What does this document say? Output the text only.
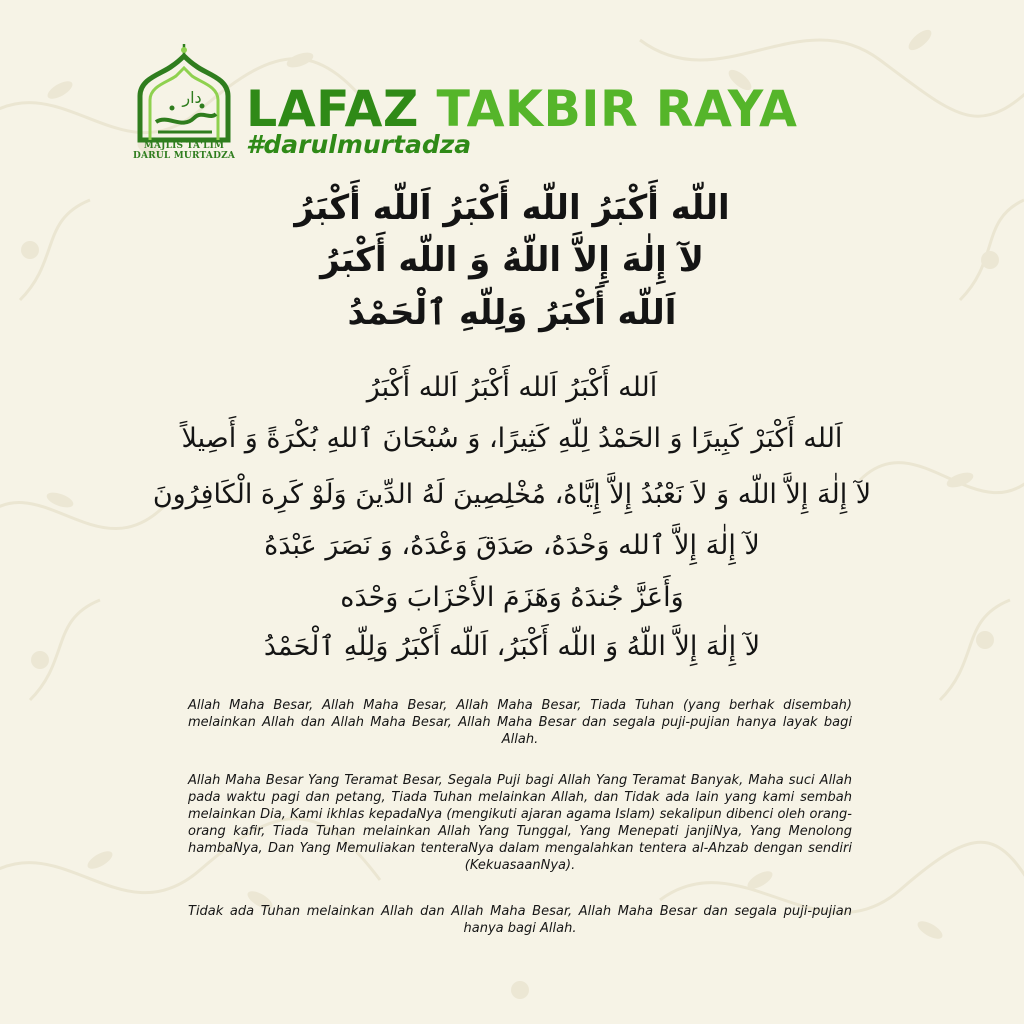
دار
MAJLIS TA'LIM
DARUL MURTADZA
LAFAZ TAKBIR RAYA
#darulmurtadza
اللّه أَكْبَرُ اللّه أَكْبَرُ اَللّه أَكْبَرُ
لآ إِلٰهَ إِلاَّ اللّهُ وَ اللّه أَكْبَرُ
اَللّه أَكْبَرُ وَلِلّهِ ٱلْحَمْدُ
اَلله أَكْبَرُ اَلله أَكْبَرُ اَلله أَكْبَرُ
اَلله أَكْبَرْ كَبِيرًا وَ الحَمْدُ لِلّهِ كَثِيرًا، وَ سُبْحَانَ ٱللهِ بُكْرَةً وَ أَصِيلاً
لآ إِلٰهَ إِلاَّ اللّه وَ لاَ نَعْبُدُ إِلاَّ إِيَّاهُ، مُخْلِصِينَ لَهُ الدِّينَ وَلَوْ كَرِهَ الْكَافِرُونَ
لآ إِلٰهَ إِلاَّ ٱلله وَحْدَهُ، صَدَقَ وَعْدَهُ، وَ نَصَرَ عَبْدَهُ
وَأَعَزَّ جُندَهُ وَهَزَمَ الأَحْزَابَ وَحْدَه
لآ إِلٰهَ إِلاَّ اللّهُ وَ اللّه أَكْبَرُ، اَللّه أَكْبَرُ وَلِلّهِ ٱلْحَمْدُ
Allah Maha Besar, Allah Maha Besar, Allah Maha Besar, Tiada Tuhan (yang berhak disembah) melainkan Allah dan Allah Maha Besar, Allah Maha Besar dan segala puji-pujian hanya layak bagi Allah.
Allah Maha Besar Yang Teramat Besar, Segala Puji bagi Allah Yang Teramat Banyak, Maha suci Allah pada waktu pagi dan petang, Tiada Tuhan melainkan Allah, dan Tidak ada lain yang kami sembah melainkan Dia, Kami ikhlas kepadaNya (mengikuti ajaran agama Islam) sekalipun dibenci oleh orang-orang kafir, Tiada Tuhan melainkan Allah Yang Tunggal, Yang Menepati janjiNya, Yang Menolong hambaNya, Dan Yang Memuliakan tenteraNya dalam mengalahkan tentera al-Ahzab dengan sendiri (KekuasaanNya).
Tidak ada Tuhan melainkan Allah dan Allah Maha Besar, Allah Maha Besar dan segala puji-pujian hanya bagi Allah.
